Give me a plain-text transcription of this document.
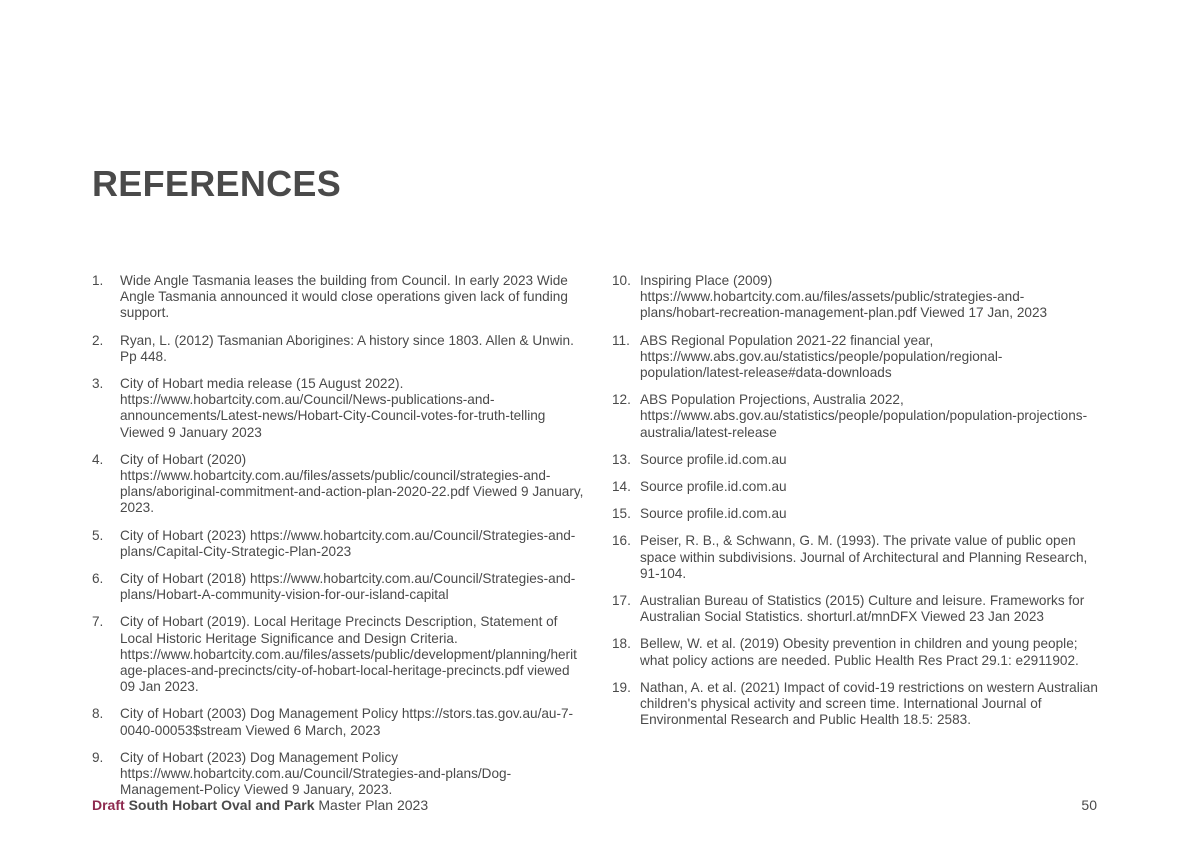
REFERENCES
1.	Wide Angle Tasmania leases the building from Council. In early 2023 Wide Angle Tasmania announced it would close operations given lack of funding support.
2.	Ryan, L. (2012) Tasmanian Aborigines: A history since 1803. Allen & Unwin. Pp 448.
3.	City of Hobart media release (15 August 2022). https://www.hobartcity.com.au/Council/News-publications-and-announcements/Latest-news/Hobart-City-Council-votes-for-truth-telling Viewed 9 January 2023
4.	City of Hobart (2020) https://www.hobartcity.com.au/files/assets/public/council/strategies-and-plans/aboriginal-commitment-and-action-plan-2020-22.pdf Viewed 9 January, 2023.
5.	City of Hobart (2023) https://www.hobartcity.com.au/Council/Strategies-and-plans/Capital-City-Strategic-Plan-2023
6.	City of Hobart (2018) https://www.hobartcity.com.au/Council/Strategies-and-plans/Hobart-A-community-vision-for-our-island-capital
7.	City of Hobart (2019). Local Heritage Precincts Description, Statement of Local Historic Heritage Significance and Design Criteria. https://www.hobartcity.com.au/files/assets/public/development/planning/heritage-places-and-precincts/city-of-hobart-local-heritage-precincts.pdf viewed 09 Jan 2023.
8.	City of Hobart (2003) Dog Management Policy https://stors.tas.gov.au/au-7-0040-00053$stream Viewed 6 March, 2023
9.	City of Hobart (2023) Dog Management Policy https://www.hobartcity.com.au/Council/Strategies-and-plans/Dog-Management-Policy Viewed 9 January, 2023.
10. Inspiring Place (2009) https://www.hobartcity.com.au/files/assets/public/strategies-and-plans/hobart-recreation-management-plan.pdf Viewed 17 Jan, 2023
11. ABS Regional Population 2021-22 financial year, https://www.abs.gov.au/statistics/people/population/regional-population/latest-release#data-downloads
12. ABS Population Projections, Australia 2022, https://www.abs.gov.au/statistics/people/population/population-projections-australia/latest-release
13. Source profile.id.com.au
14. Source profile.id.com.au
15. Source profile.id.com.au
16. Peiser, R. B., & Schwann, G. M. (1993). The private value of public open space within subdivisions. Journal of Architectural and Planning Research, 91-104.
17. Australian Bureau of Statistics (2015) Culture and leisure. Frameworks for Australian Social Statistics. shorturl.at/mnDFX Viewed 23 Jan 2023
18. Bellew, W. et al. (2019) Obesity prevention in children and young people; what policy actions are needed. Public Health Res Pract 29.1: e2911902.
19. Nathan, A. et al. (2021) Impact of covid-19 restrictions on western Australian children's physical activity and screen time. International Journal of Environmental Research and Public Health 18.5: 2583.
Draft South Hobart Oval and Park Master Plan 2023	50
